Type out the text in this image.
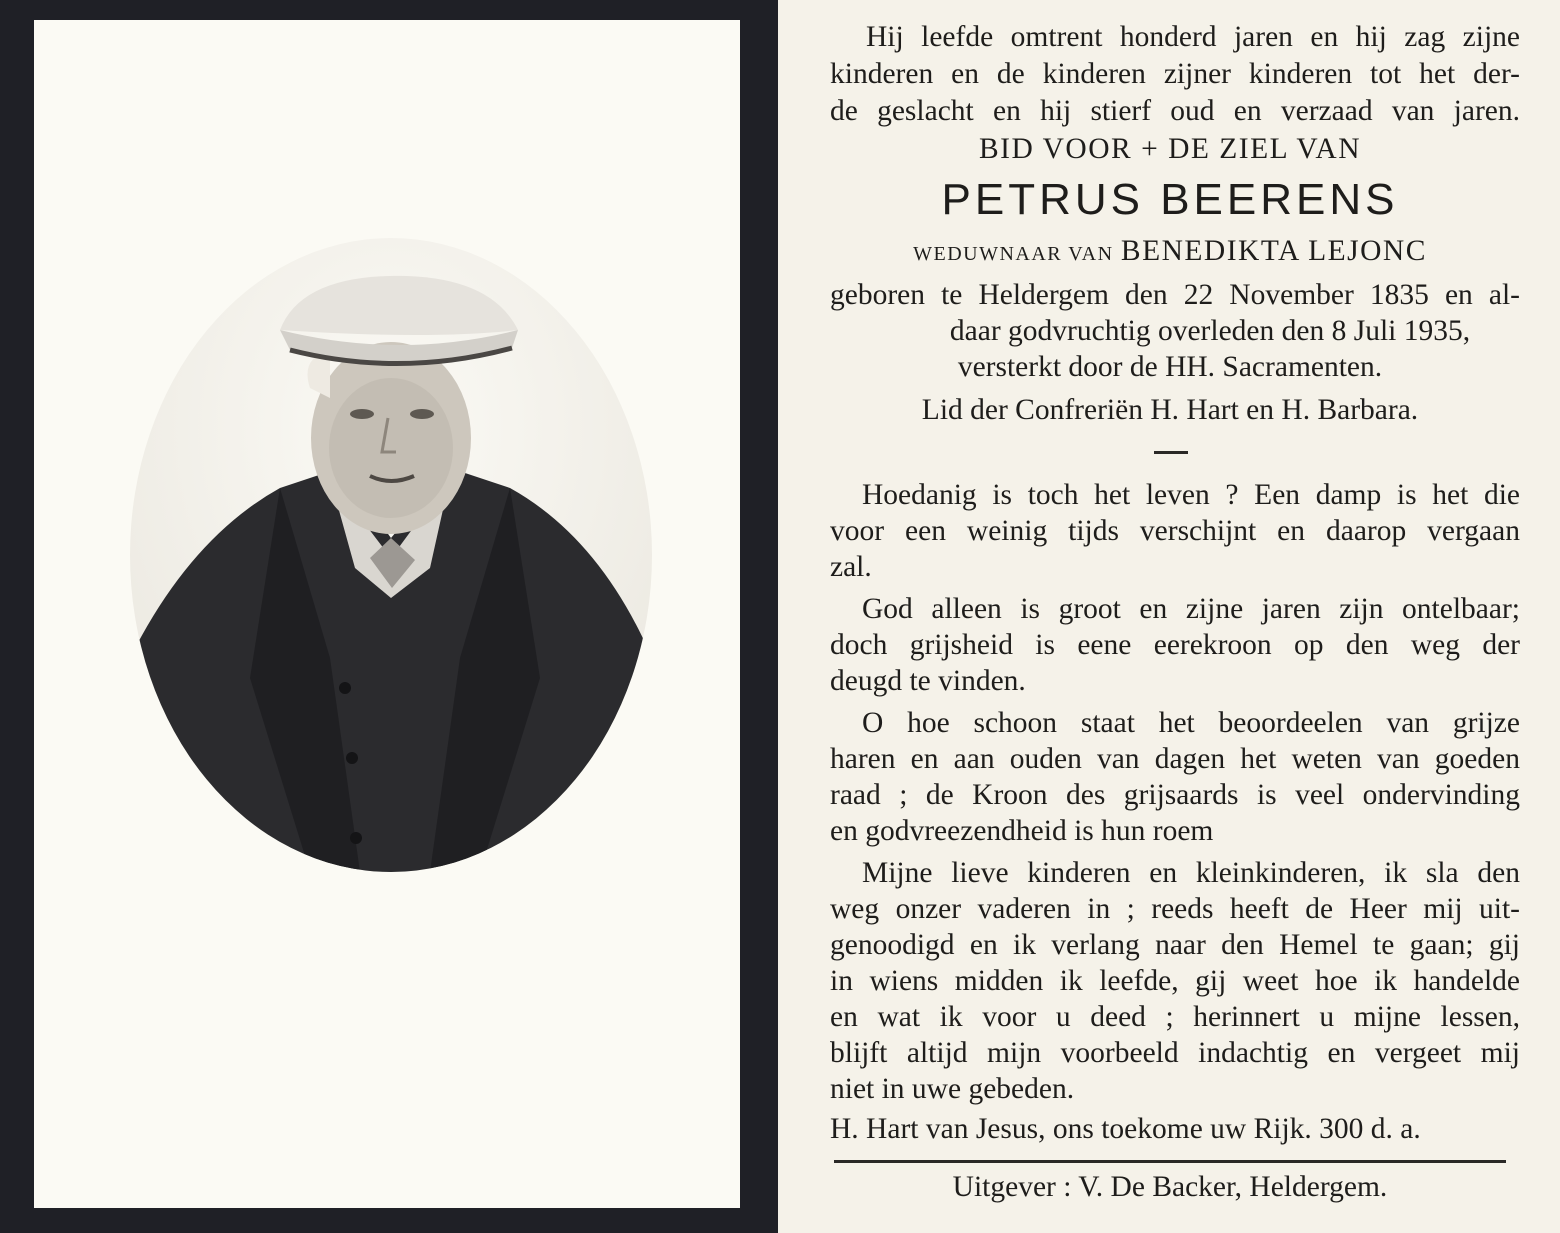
Hij leefde omtrent honderd jaren en hij zag zijne
kinderen en de kinderen zijner kinderen tot het der-
de geslacht en hij stierf oud en verzaad van jaren.
BID VOOR + DE ZIEL VAN
PETRUS BEERENS
WEDUWNAAR VAN BENEDIKTA LEJONC
geboren te Heldergem den 22 November 1835 en al-
daar godvruchtig overleden den 8 Juli 1935,
versterkt door de HH. Sacramenten.
Lid der Confreriën H. Hart en H. Barbara.
Hoedanig is toch het leven ? Een damp is het die
voor een weinig tijds verschijnt en daarop vergaan
zal.
God alleen is groot en zijne jaren zijn ontelbaar;
doch grijsheid is eene eerekroon op den weg der
deugd te vinden.
O hoe schoon staat het beoordeelen van grijze
haren en aan ouden van dagen het weten van goeden
raad ; de Kroon des grijsaards is veel ondervinding
en godvreezendheid is hun roem
Mijne lieve kinderen en kleinkinderen, ik sla den
weg onzer vaderen in ; reeds heeft de Heer mij uit-
genoodigd en ik verlang naar den Hemel te gaan; gij
in wiens midden ik leefde, gij weet hoe ik handelde
en wat ik voor u deed ; herinnert u mijne lessen,
blijft altijd mijn voorbeeld indachtig en vergeet mij
niet in uwe gebeden.
H. Hart van Jesus, ons toekome uw Rijk. 300 d. a.
Uitgever : V. De Backer, Heldergem.
